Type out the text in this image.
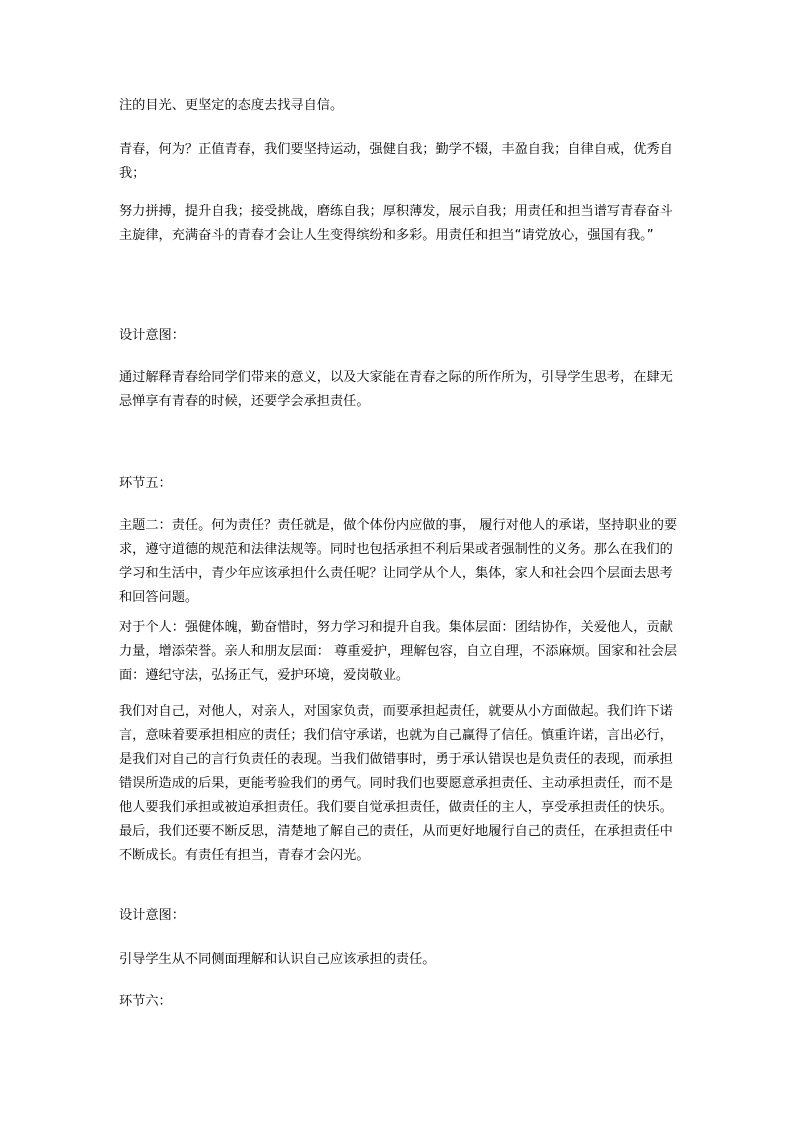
注的目光、更坚定的态度去找寻自信。

青春，何为？正值青春，我们要坚持运动，强健自我；勤学不辍，丰盈自我；自律自戒，优秀自我；

努力拼搏，提升自我；接受挑战，磨练自我；厚积薄发，展示自我；用责任和担当谱写青春奋斗主旋律，充满奋斗的青春才会让人生变得缤纷和多彩。用责任和担当“请党放心，强国有我。”

设计意图：

通过解释青春给同学们带来的意义，以及大家能在青春之际的所作所为，引导学生思考，在肆无忌惮享有青春的时候，还要学会承担责任。

环节五：

主题二：责任。何为责任？责任就是，做个体份内应做的事， 履行对他人的承诺，坚持职业的要求，遵守道德的规范和法律法规等。同时也包括承担不利后果或者强制性的义务。那么在我们的学习和生活中，青少年应该承担什么责任呢？让同学从个人，集体，家人和社会四个层面去思考和回答问题。

对于个人：强健体魄，勤奋惜时，努力学习和提升自我。集体层面：团结协作，关爱他人，贡献力量，增添荣誉。亲人和朋友层面： 尊重爱护，理解包容，自立自理，不添麻烦。国家和社会层面：遵纪守法，弘扬正气，爱护环境，爱岗敬业。

我们对自己，对他人，对亲人，对国家负责，而要承担起责任，就要从小方面做起。我们许下诺言，意味着要承担相应的责任；我们信守承诺，也就为自己赢得了信任。慎重许诺，言出必行，是我们对自己的言行负责任的表现。当我们做错事时，勇于承认错误也是负责任的表现，而承担错误所造成的后果，更能考验我们的勇气。同时我们也要愿意承担责任、主动承担责任，而不是他人要我们承担或被迫承担责任。我们要自觉承担责任，做责任的主人，享受承担责任的快乐。最后，我们还要不断反思，清楚地了解自己的责任，从而更好地履行自己的责任，在承担责任中不断成长。有责任有担当，青春才会闪光。

设计意图：

引导学生从不同侧面理解和认识自己应该承担的责任。

环节六：
